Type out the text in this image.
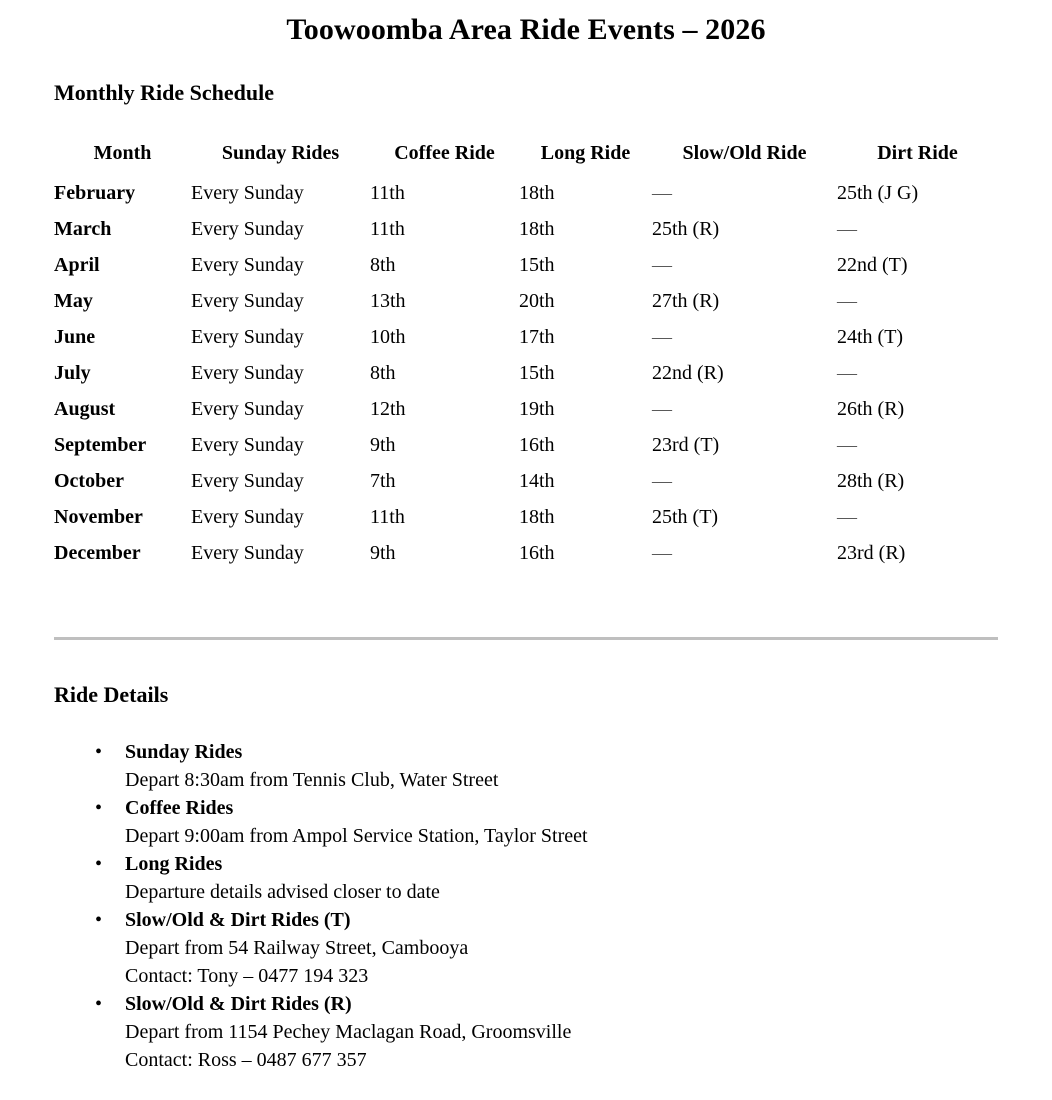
Toowoomba Area Ride Events – 2026
Monthly Ride Schedule
Month	Sunday Rides	Coffee Ride	Long Ride	Slow/Old Ride	Dirt Ride
February	Every Sunday	11th	18th	—	25th (J G)
March	Every Sunday	11th	18th	25th (R)	—
April	Every Sunday	8th	15th	—	22nd (T)
May	Every Sunday	13th	20th	27th (R)	—
June	Every Sunday	10th	17th	—	24th (T)
July	Every Sunday	8th	15th	22nd (R)	—
August	Every Sunday	12th	19th	—	26th (R)
September	Every Sunday	9th	16th	23rd (T)	—
October	Every Sunday	7th	14th	—	28th (R)
November	Every Sunday	11th	18th	25th (T)	—
December	Every Sunday	9th	16th	—	23rd (R)
Ride Details
• Sunday Rides
Depart 8:30am from Tennis Club, Water Street
• Coffee Rides
Depart 9:00am from Ampol Service Station, Taylor Street
• Long Rides
Departure details advised closer to date
• Slow/Old & Dirt Rides (T)
Depart from 54 Railway Street, Cambooya
Contact: Tony – 0477 194 323
• Slow/Old & Dirt Rides (R)
Depart from 1154 Pechey Maclagan Road, Groomsville
Contact: Ross – 0487 677 357
